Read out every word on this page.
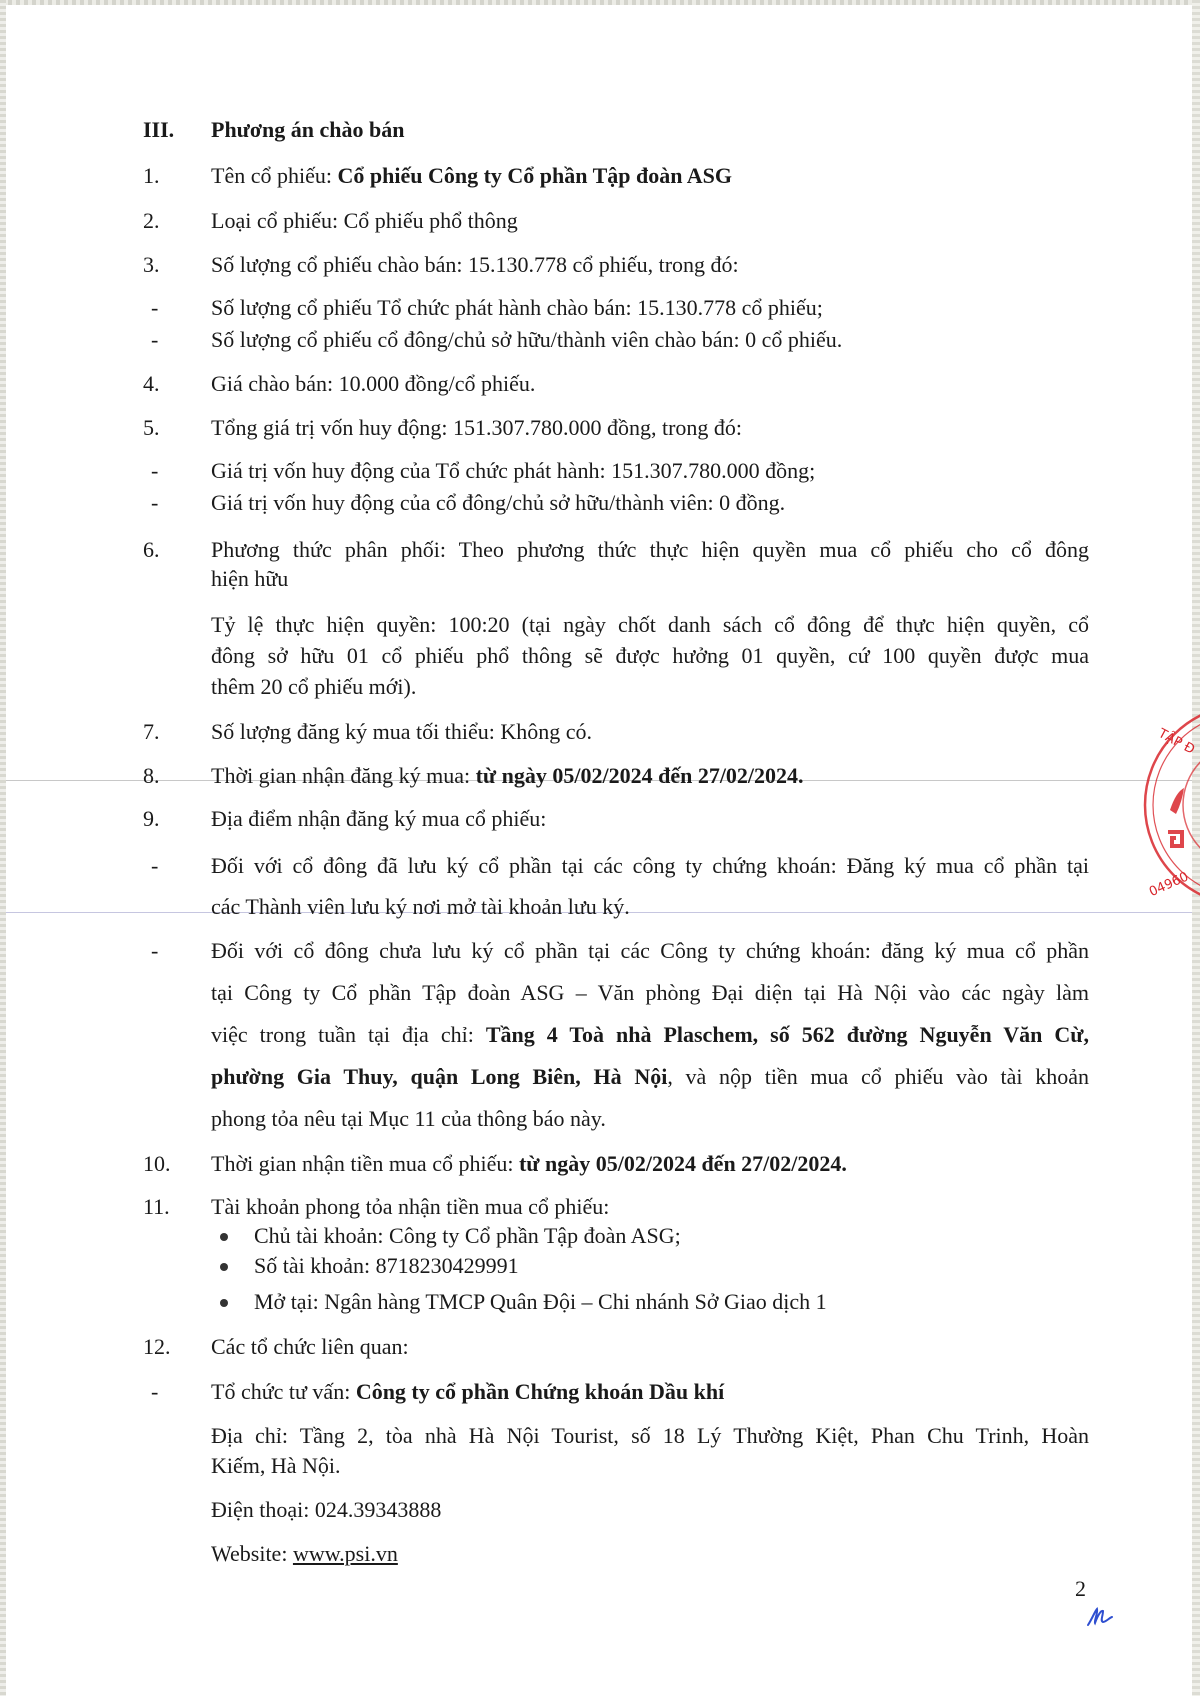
III. Phương án chào bán
1. Tên cổ phiếu: Cổ phiếu Công ty Cổ phần Tập đoàn ASG
2. Loại cổ phiếu: Cổ phiếu phổ thông
3. Số lượng cổ phiếu chào bán: 15.130.778 cổ phiếu, trong đó:
- Số lượng cổ phiếu Tổ chức phát hành chào bán: 15.130.778 cổ phiếu;
- Số lượng cổ phiếu cổ đông/chủ sở hữu/thành viên chào bán: 0 cổ phiếu.
4. Giá chào bán: 10.000 đồng/cổ phiếu.
5. Tổng giá trị vốn huy động: 151.307.780.000 đồng, trong đó:
- Giá trị vốn huy động của Tổ chức phát hành: 151.307.780.000 đồng;
- Giá trị vốn huy động của cổ đông/chủ sở hữu/thành viên: 0 đồng.
6. Phương thức phân phối: Theo phương thức thực hiện quyền mua cổ phiếu cho cổ đông
hiện hữu
Tỷ lệ thực hiện quyền: 100:20 (tại ngày chốt danh sách cổ đông để thực hiện quyền, cổ
đông sở hữu 01 cổ phiếu phổ thông sẽ được hưởng 01 quyền, cứ 100 quyền được mua
thêm 20 cổ phiếu mới).
7. Số lượng đăng ký mua tối thiểu: Không có.
8. Thời gian nhận đăng ký mua: từ ngày 05/02/2024 đến 27/02/2024.
9. Địa điểm nhận đăng ký mua cổ phiếu:
- Đối với cổ đông đã lưu ký cổ phần tại các công ty chứng khoán: Đăng ký mua cổ phần tại
các Thành viên lưu ký nơi mở tài khoản lưu ký.
- Đối với cổ đông chưa lưu ký cổ phần tại các Công ty chứng khoán: đăng ký mua cổ phần
tại Công ty Cổ phần Tập đoàn ASG – Văn phòng Đại diện tại Hà Nội vào các ngày làm
việc trong tuần tại địa chỉ: Tầng 4 Toà nhà Plaschem, số 562 đường Nguyễn Văn Cừ,
phường Gia Thuy, quận Long Biên, Hà Nội, và nộp tiền mua cổ phiếu vào tài khoản
phong tỏa nêu tại Mục 11 của thông báo này.
10. Thời gian nhận tiền mua cổ phiếu: từ ngày 05/02/2024 đến 27/02/2024.
11. Tài khoản phong tỏa nhận tiền mua cổ phiếu:
Chủ tài khoản: Công ty Cổ phần Tập đoàn ASG;
Số tài khoản: 8718230429991
Mở tại: Ngân hàng TMCP Quân Đội – Chi nhánh Sở Giao dịch 1
12. Các tổ chức liên quan:
- Tổ chức tư vấn: Công ty cổ phần Chứng khoán Dầu khí
Địa chỉ: Tầng 2, tòa nhà Hà Nội Tourist, số 18 Lý Thường Kiệt, Phan Chu Trinh, Hoàn
Kiếm, Hà Nội.
Điện thoại: 024.39343888
Website: www.psi.vn
2
TẬP Đ
04960
